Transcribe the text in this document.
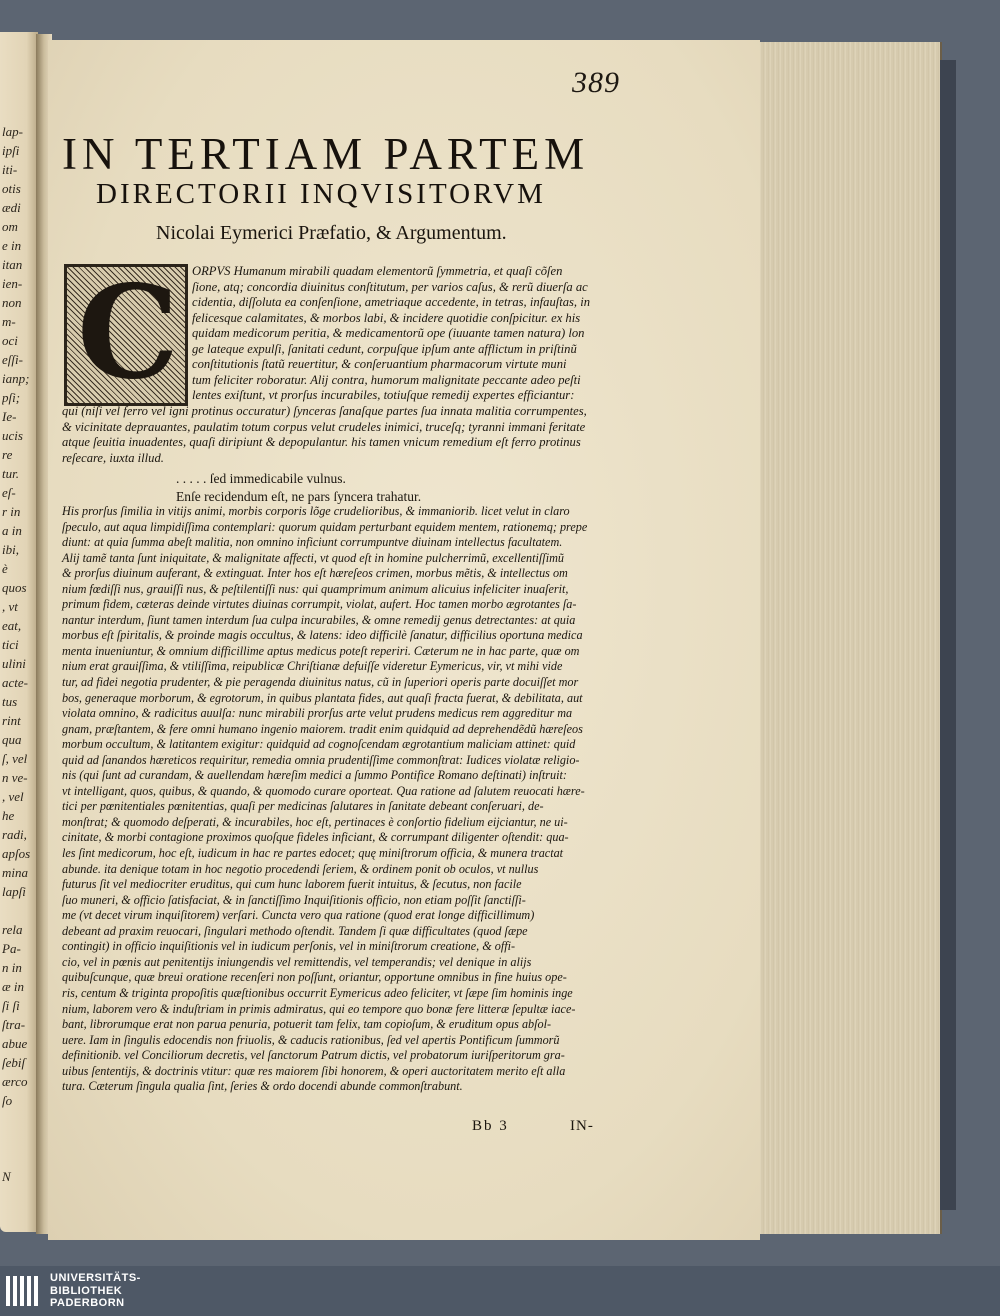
lap-
ipſi
iti-
otis
ædi
om
e in
itan
ien-
non
m-
oci
eſſi-
ianp;
pſi;
Ie-
ucis
re
tur.
eſ-
r in
a in
ibi,
è
quos
, vt
eat,
tici
ulini
acte-
tus
rint
qua
ſ, vel
n ve-
, vel
he
radi,
apſos
mina
lapſi

rela
Pa-
n in
æ in
ſi ſi
ſtra-
abue
ſebiſ
ærco
ſo

N
389
IN TERTIAM PARTEM
DIRECTORII INQVISITORVM
Nicolai Eymerici Præfatio, & Argumentum.
C ORPVS Humanum mirabili quadam elementorũ ſymmetria, et quaſi cõſen
ſione, atq; concordia diuinitus conſtitutum, per varios caſus, & rerũ diuerſa ac
cidentia, diſſoluta ea conſenſione, ametriaque accedente, in tetras, infauſtas, in
felicesque calamitates, & morbos labi, & incidere quotidie conſpicitur. ex his
quidam medicorum peritia, & medicamentorũ ope (iuuante tamen natura) lon
ge lateque expulſi, ſanitati cedunt, corpuſque ipſum ante afflictum in priſtinũ
conſtitutionis ſtatũ reuertitur, & conſeruantium pharmacorum virtute muni
tum feliciter roboratur. Alij contra, humorum malignitate peccante adeo peſti
lentes exiſtunt, vt prorſus incurabiles, totiuſque remedij expertes efficiantur:
qui (niſi vel ferro vel igni protinus occuratur) ſynceras ſanaſque partes ſua innata malitia corrumpentes,
& vicinitate deprauantes, paulatim totum corpus velut crudeles inimici, truceſq; tyranni immani feritate
atque ſeuitia inuadentes, quaſi diripiunt & depopulantur. his tamen vnicum remedium eſt ferro protinus
reſecare, iuxta illud.
. . . . . ſed immedicabile vulnus.
Enſe recidendum eſt, ne pars ſyncera trahatur.
His prorſus ſimilia in vitijs animi, morbis corporis lõge crudelioribus, & immaniorib. licet velut in claro
ſpeculo, aut aqua limpidiſſima contemplari: quorum quidam perturbant equidem mentem, rationemq; prepe
diunt: at quia ſumma abeſt malitia, non omnino inficiunt corrumpuntve diuinam intellectus facultatem.
Alij tamẽ tanta ſunt iniquitate, & malignitate affecti, vt quod eſt in homine pulcherrimũ, excellentiſſimũ
& prorſus diuinum auferant, & extinguat. Inter hos eſt hæreſeos crimen, morbus mẽtis, & intellectus om
nium fœdiſſi nus, grauiſſi nus, & peſtilentiſſi nus: qui quamprimum animum alicuius infeliciter inuaſerit,
primum fidem, cæteras deinde virtutes diuinas corrumpit, violat, aufert. Hoc tamen morbo ægrotantes ſa-
nantur interdum, ſiunt tamen interdum ſua culpa incurabiles, & omne remedij genus detrectantes: at quia
morbus eſt ſpiritalis, & proinde magis occultus, & latens: ideo difficilè ſanatur, difficilius oportuna medica
menta inueniuntur, & omnium difficillime aptus medicus poteſt reperiri. Cæterum ne in hac parte, quæ om
nium erat grauiſſima, & vtiliſſima, reipublicæ Chriſtianæ defuiſſe videretur Eymericus, vir, vt mihi vide
tur, ad fidei negotia prudenter, & pie peragenda diuinitus natus, cũ in ſuperiori operis parte docuiſſet mor
bos, generaque morborum, & egrotorum, in quibus plantata fides, aut quaſi fracta fuerat, & debilitata, aut
violata omnino, & radicitus auulſa: nunc mirabili prorſus arte velut prudens medicus rem aggreditur ma
gnam, præſtantem, & fere omni humano ingenio maiorem. tradit enim quidquid ad deprehendẽdũ hæreſeos
morbum occultum, & latitantem exigitur: quidquid ad cognoſcendam ægrotantium maliciam attinet: quid
quid ad ſanandos hæreticos requiritur, remedia omnia prudentiſſime commonſtrat: Iudices violatæ religio-
nis (qui ſunt ad curandam, & auellendam hæreſim medici a ſummo Pontifice Romano deſtinati) inſtruit:
vt intelligant, quos, quibus, & quando, & quomodo curare oporteat. Qua ratione ad ſalutem reuocati hære-
tici per pœnitentiales pœnitentias, quaſi per medicinas ſalutares in ſanitate debeant conſeruari, de-
monſtrat; & quomodo deſperati, & incurabiles, hoc eſt, pertinaces è conſortio fidelium eijciantur, ne ui-
cinitate, & morbi contagione proximos quoſque fideles inficiant, & corrumpant diligenter oſtendit: qua-
les ſint medicorum, hoc eſt, iudicum in hac re partes edocet; quę miniſtrorum officia, & munera tractat
abunde. ita denique totam in hoc negotio procedendi ſeriem, & ordinem ponit ob oculos, vt nullus
futurus ſit vel mediocriter eruditus, qui cum hunc laborem fuerit intuitus, & ſecutus, non facile
ſuo muneri, & officio ſatisfaciat, & in ſanctiſſimo Inquiſitionis officio, non etiam poſſit ſanctiſſi-
me (vt decet virum inquiſitorem) verſari. Cuncta vero qua ratione (quod erat longe difficillimum)
debeant ad praxim reuocari, ſingulari methodo oſtendit. Tandem ſi quæ difficultates (quod ſæpe
contingit) in officio inquiſitionis vel in iudicum perſonis, vel in miniſtrorum creatione, & offi-
cio, vel in pœnis aut penitentijs iniungendis vel remittendis, vel temperandis; vel denique in alijs
quibuſcunque, quæ breui oratione recenſeri non poſſunt, oriantur, opportune omnibus in fine huius ope-
ris, centum & triginta propoſitis quæſtionibus occurrit Eymericus adeo feliciter, vt ſæpe ſim hominis inge
nium, laborem vero & induſtriam in primis admiratus, qui eo tempore quo bonæ fere litteræ ſepultæ iace-
bant, librorumque erat non parua penuria, potuerit tam felix, tam copioſum, & eruditum opus abſol-
uere. Iam in ſingulis edocendis non friuolis, & caducis rationibus, ſed vel apertis Pontificum ſummorũ
definitionib. vel Conciliorum decretis, vel ſanctorum Patrum dictis, vel probatorum iuriſperitorum gra-
uibus ſententijs, & doctrinis vtitur: quæ res maiorem ſibi honorem, & operi auctoritatem merito eſt alla
tura. Cæterum ſingula qualia ſint, ſeries & ordo docendi abunde commonſtrabunt.
Bb 3	IN-
UNIVERSITÄTS-
BIBLIOTHEK
PADERBORN
